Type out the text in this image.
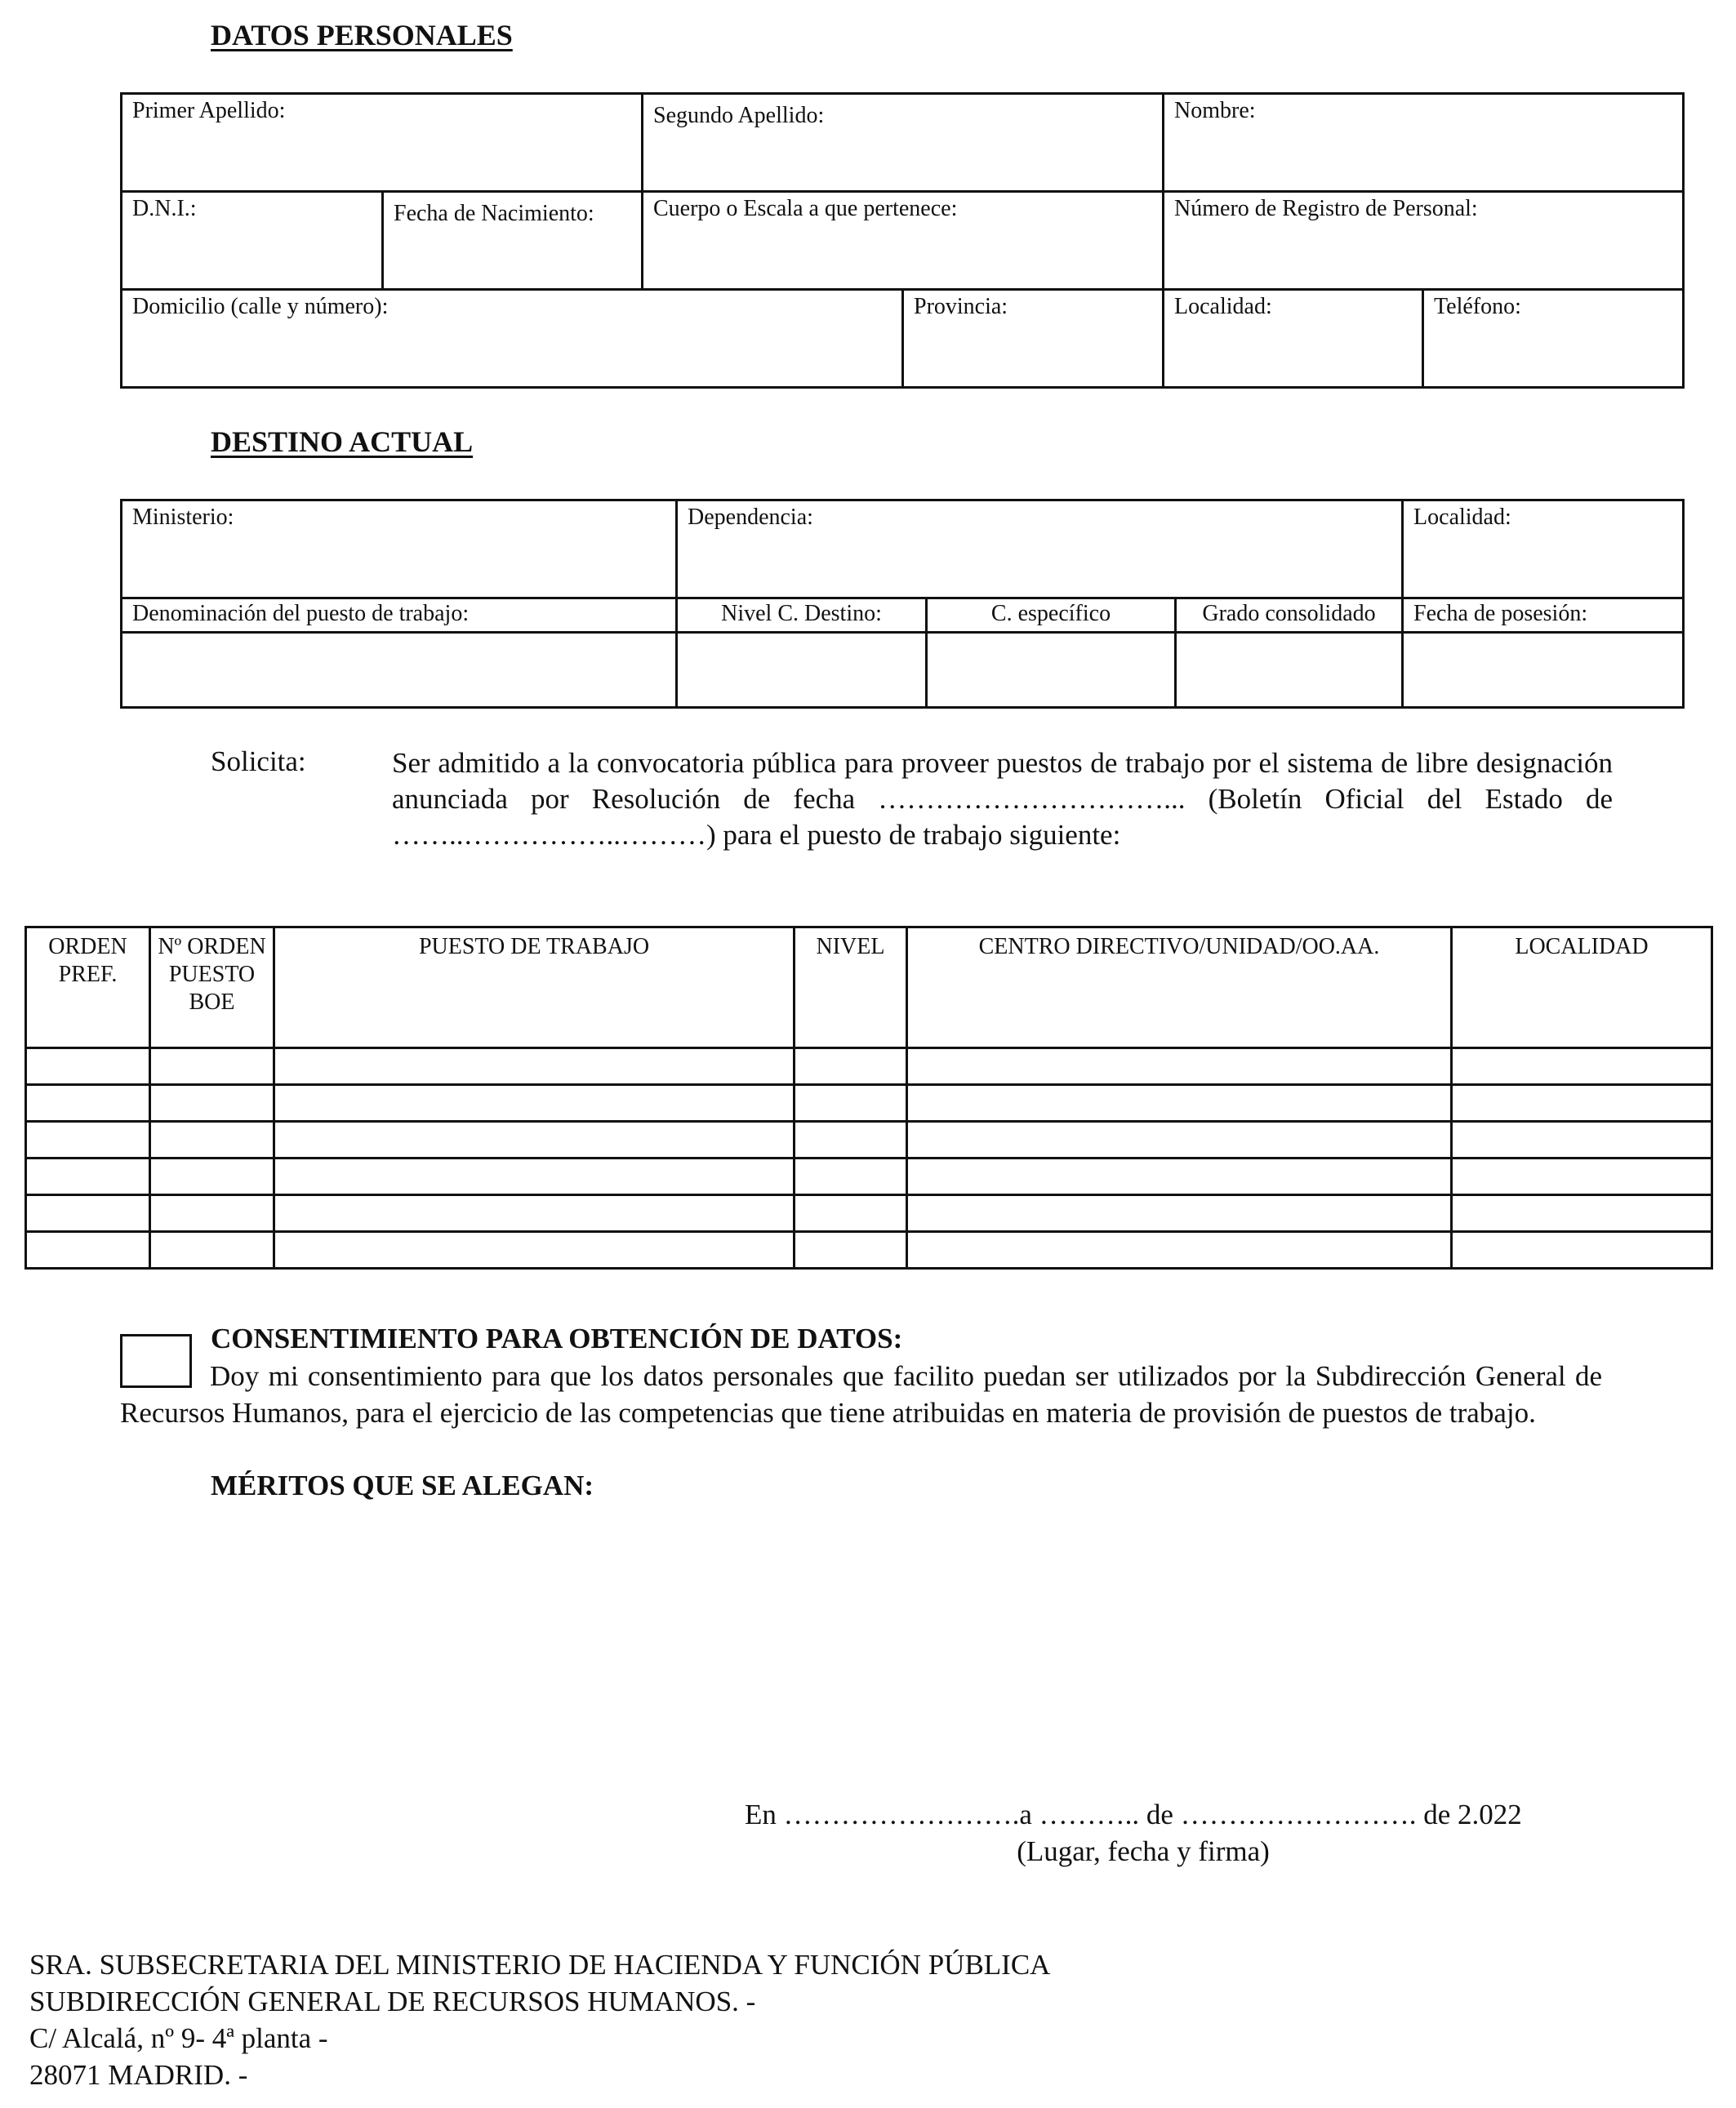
DATOS PERSONALES
Primer Apellido:		Segundo Apellido:		Nombre:	
D.N.I.:	Fecha de Nacimiento:	Cuerpo o Escala a que pertenece:		Número de Registro de Personal:	
Domicilio (calle y número):			Provincia:	Localidad:	Teléfono:
DESTINO ACTUAL
Ministerio:	Dependencia:			Localidad:
Denominación del puesto de trabajo:	Nivel C. Destino:	C. específico	Grado consolidado	Fecha de posesión:

Solicita:	Ser admitido a la convocatoria pública para proveer puestos de trabajo por el sistema de libre designación anunciada por Resolución de fecha …………………………... (Boletín Oficial del Estado de ……..……………..………) para el puesto de trabajo siguiente:
ORDEN PREF.	Nº ORDEN PUESTO BOE	PUESTO DE TRABAJO	NIVEL	CENTRO DIRECTIVO/UNIDAD/OO.AA.	LOCALIDAD

CONSENTIMIENTO PARA OBTENCIÓN DE DATOS:
Doy mi consentimiento para que los datos personales que facilito puedan ser utilizados por la Subdirección General de Recursos Humanos, para el ejercicio de las competencias que tiene atribuidas en materia de provisión de puestos de trabajo.
MÉRITOS QUE SE ALEGAN:
En …………………….a ……….. de ……………………. de 2.022
(Lugar, fecha y firma)
SRA. SUBSECRETARIA DEL MINISTERIO DE HACIENDA Y FUNCIÓN PÚBLICA
SUBDIRECCIÓN GENERAL DE RECURSOS HUMANOS. -
C/ Alcalá, nº 9- 4ª planta -
28071 MADRID. -
